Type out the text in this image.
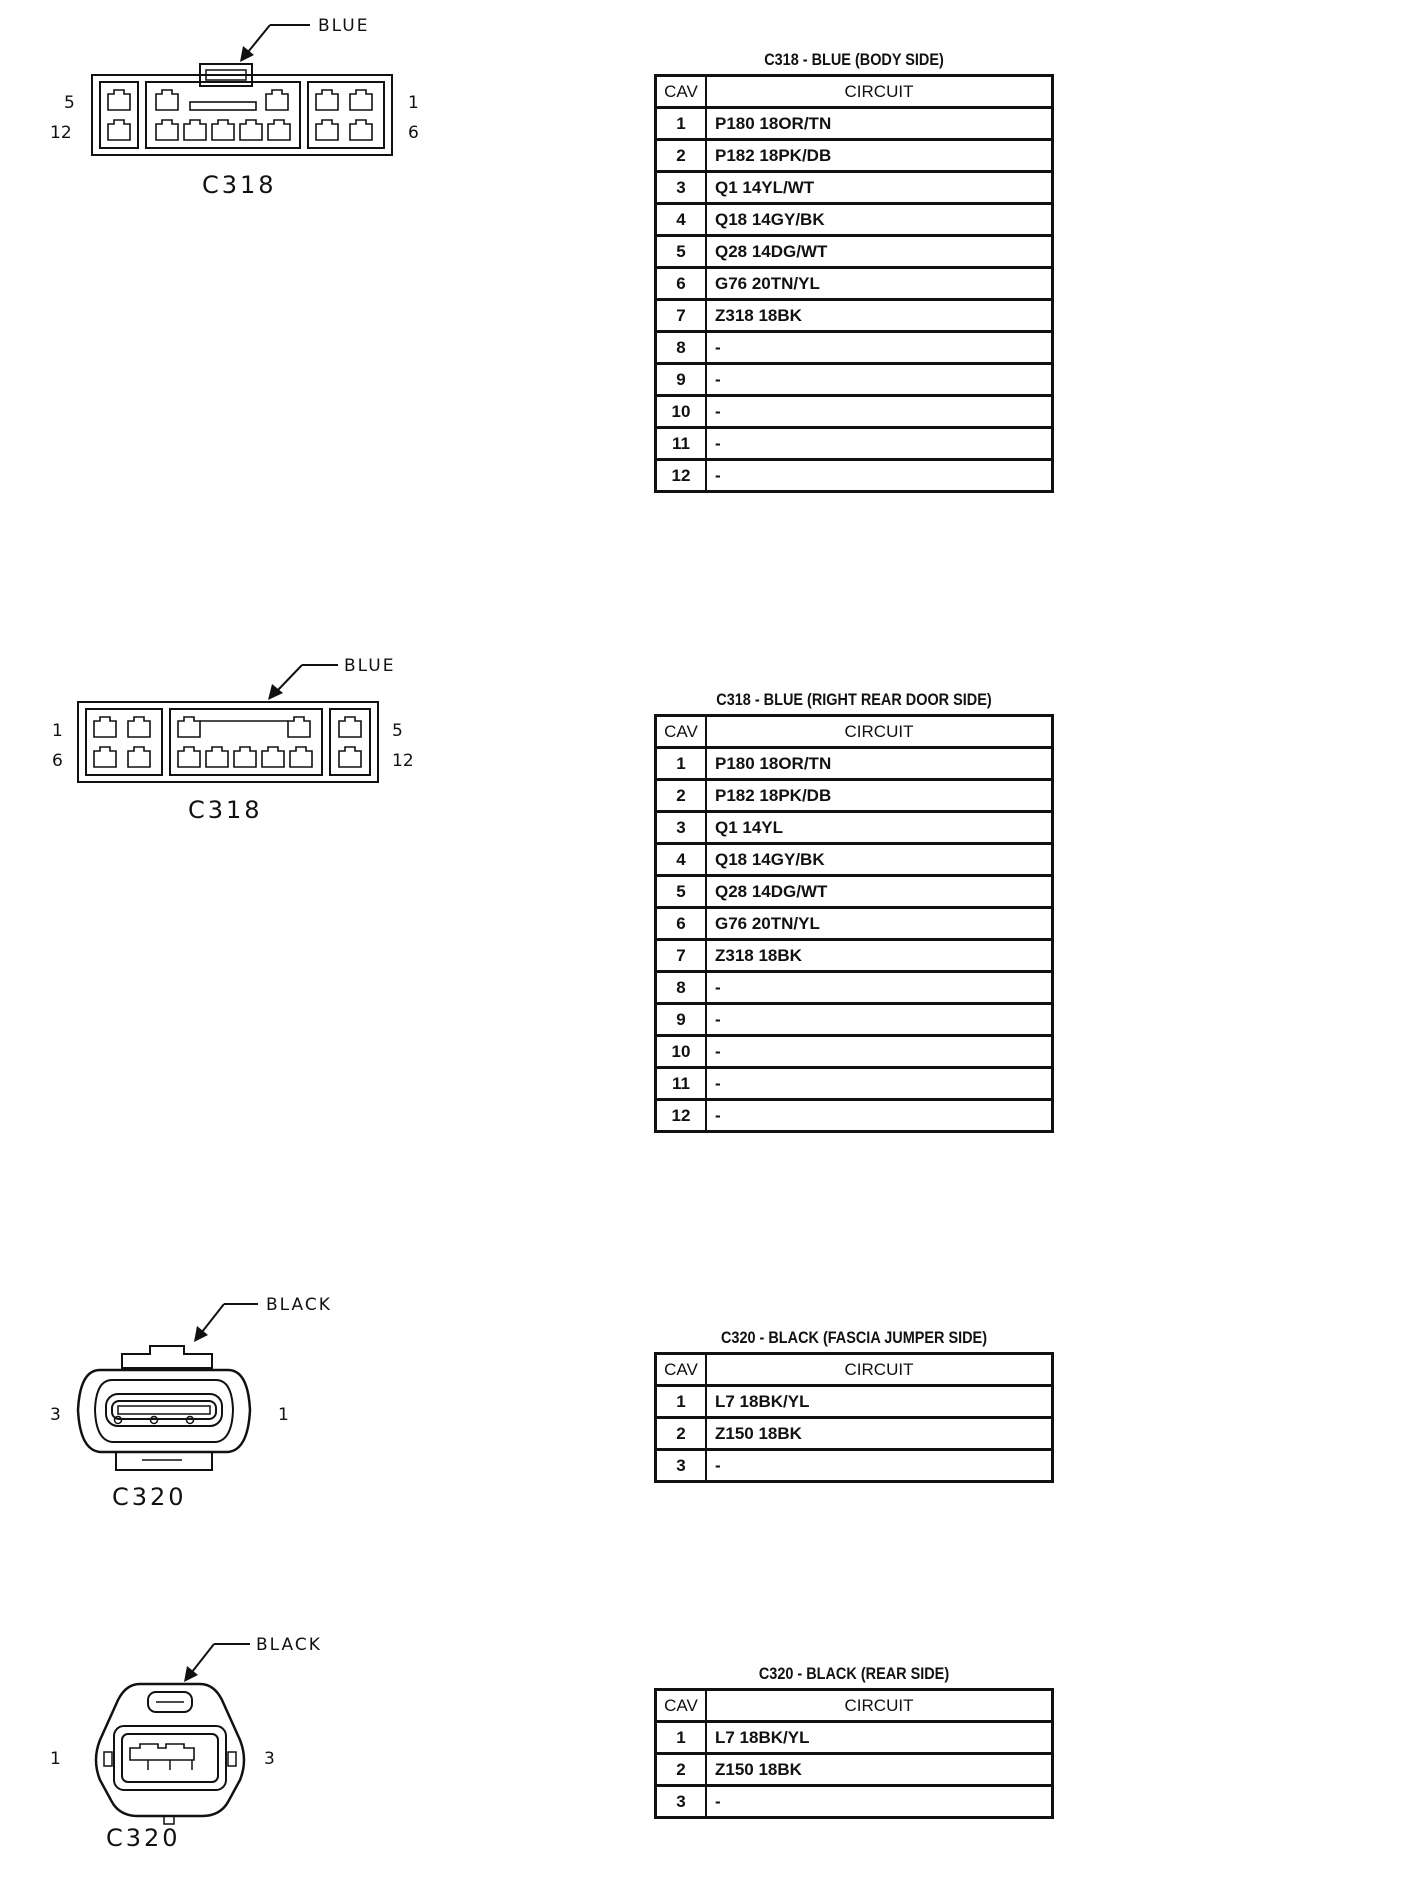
BLUE
5
12
1
6
C318
C318 - BLUE (BODY SIDE)
CAV	CIRCUIT
1	P180 18OR/TN
2	P182 18PK/DB
3	Q1 14YL/WT
4	Q18 14GY/BK
5	Q28 14DG/WT
6	G76 20TN/YL
7	Z318 18BK
8	-
9	-
10	-
11	-
12	-
BLUE
1
6
5
12
C318
C318 - BLUE (RIGHT REAR DOOR SIDE)
CAV	CIRCUIT
1	P180 18OR/TN
2	P182 18PK/DB
3	Q1 14YL
4	Q18 14GY/BK
5	Q28 14DG/WT
6	G76 20TN/YL
7	Z318 18BK
8	-
9	-
10	-
11	-
12	-
BLACK
3	1
C320
C320 - BLACK (FASCIA JUMPER SIDE)
CAV	CIRCUIT
1	L7 18BK/YL
2	Z150 18BK
3	-
BLACK
1	3
C320
C320 - BLACK (REAR SIDE)
CAV	CIRCUIT
1	L7 18BK/YL
2	Z150 18BK
3	-
